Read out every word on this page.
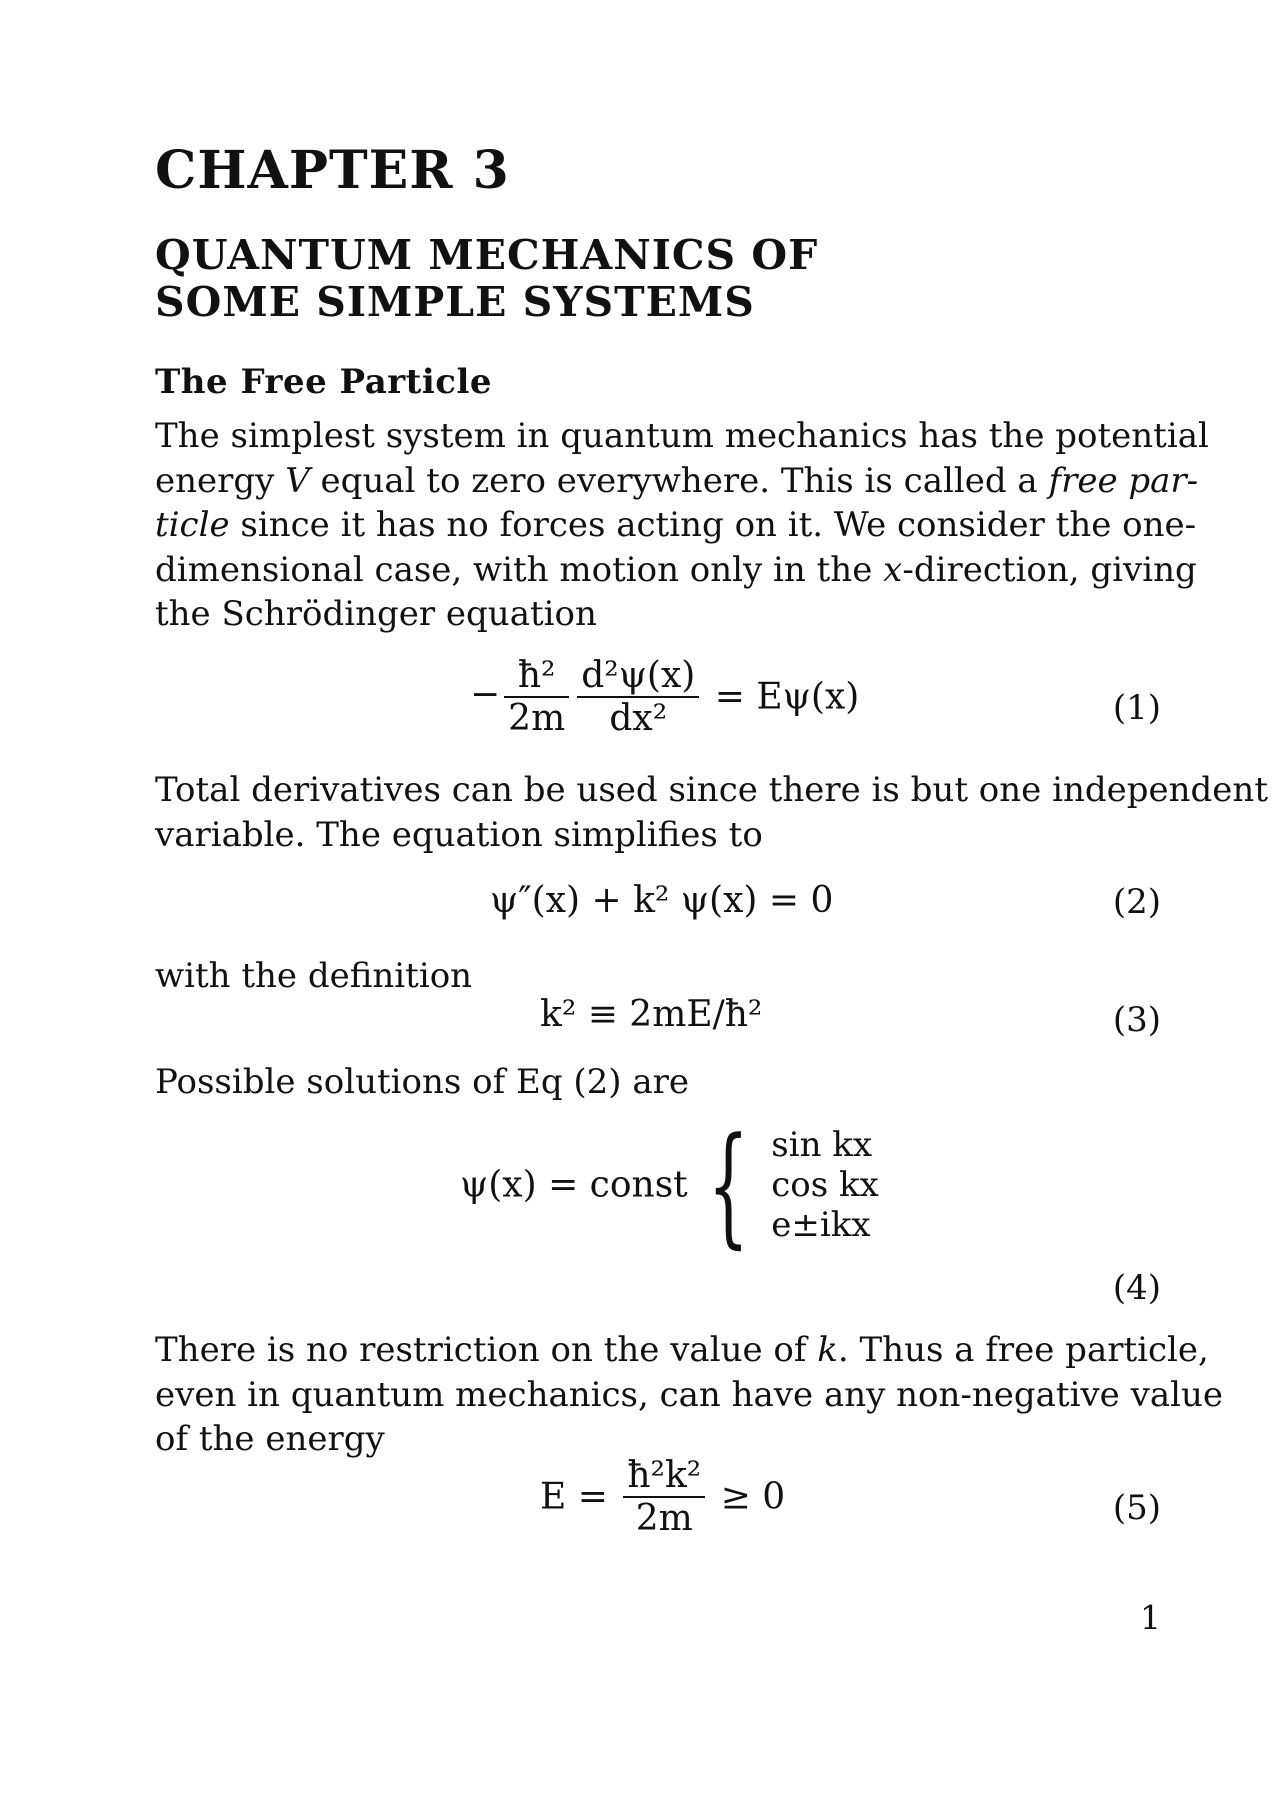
CHAPTER 3
QUANTUM MECHANICS OF
SOME SIMPLE SYSTEMS
The Free Particle
The simplest system in quantum mechanics has the potential
energy V equal to zero everywhere. This is called a free par-
ticle since it has no forces acting on it. We consider the one-
dimensional case, with motion only in the x-direction, giving
the Schrödinger equation
− $\frac{\text{ħ²}}{2m} \frac{\text{d²ψ(x)}}{\text{dx²}} = E\psi(x)$	(1)
Total derivatives can be used since there is but one independent
variable. The equation simplifies to
ψ″(x) + k² ψ(x) = 0	(2)
with the definition
k² ≡ 2mE/ħ²	(3)
Possible solutions of Eq (2) are
ψ(x) = const { sin kx
cos kx
e±ikx
(4)
There is no restriction on the value of k. Thus a free particle,
even in quantum mechanics, can have any non-negative value
of the energy
$E = \frac{\text{ħ²k²}}{2m} \ge 0$	(5)
1
